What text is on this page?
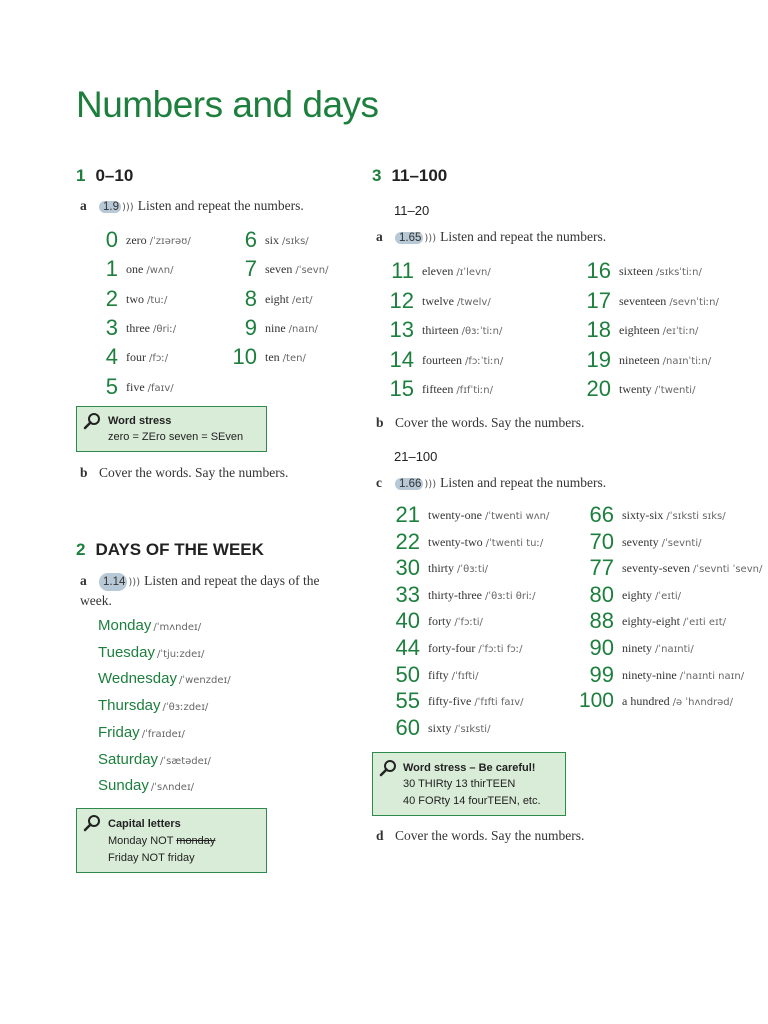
Numbers and days
1 0–10
a 1.9 ))) Listen and repeat the numbers.
0 zero /ˈzɪərəʊ/
1 one /wʌn/
2 two /tuː/
3 three /θriː/
4 four /fɔː/
5 five /faɪv/
6 six /sɪks/
7 seven /ˈsevn/
8 eight /eɪt/
9 nine /naɪn/
10 ten /ten/
Word stress
zero = ZEro seven = SEven
b Cover the words. Say the numbers.
2 DAYS OF THE WEEK
a 1.14 ))) Listen and repeat the days of the week.
Monday /ˈmʌndeɪ/
Tuesday /ˈtjuːzdeɪ/
Wednesday /ˈwenzdeɪ/
Thursday /ˈθɜːzdeɪ/
Friday /ˈfraɪdeɪ/
Saturday /ˈsætədeɪ/
Sunday /ˈsʌndeɪ/
Capital letters
Monday NOT monday
Friday NOT friday
3 11–100
11–20
a 1.65 ))) Listen and repeat the numbers.
11 eleven /ɪˈlevn/
12 twelve /twelv/
13 thirteen /θɜːˈtiːn/
14 fourteen /fɔːˈtiːn/
15 fifteen /fɪfˈtiːn/
16 sixteen /sɪksˈtiːn/
17 seventeen /sevnˈtiːn/
18 eighteen /eɪˈtiːn/
19 nineteen /naɪnˈtiːn/
20 twenty /ˈtwenti/
b Cover the words. Say the numbers.
21–100
c 1.66 ))) Listen and repeat the numbers.
21 twenty-one /ˈtwenti wʌn/
22 twenty-two /ˈtwenti tuː/
30 thirty /ˈθɜːti/
33 thirty-three /ˈθɜːti θriː/
40 forty /ˈfɔːti/
44 forty-four /ˈfɔːti fɔː/
50 fifty /ˈfɪfti/
55 fifty-five /ˈfɪfti faɪv/
60 sixty /ˈsɪksti/
66 sixty-six /ˈsɪksti sɪks/
70 seventy /ˈsevnti/
77 seventy-seven /ˈsevnti ˈsevn/
80 eighty /ˈeɪti/
88 eighty-eight /ˈeɪti eɪt/
90 ninety /ˈnaɪnti/
99 ninety-nine /ˈnaɪnti naɪn/
100 a hundred /ə ˈhʌndrəd/
Word stress – Be careful!
30 THIRty 13 thirTEEN
40 FORty 14 fourTEEN, etc.
d Cover the words. Say the numbers.
